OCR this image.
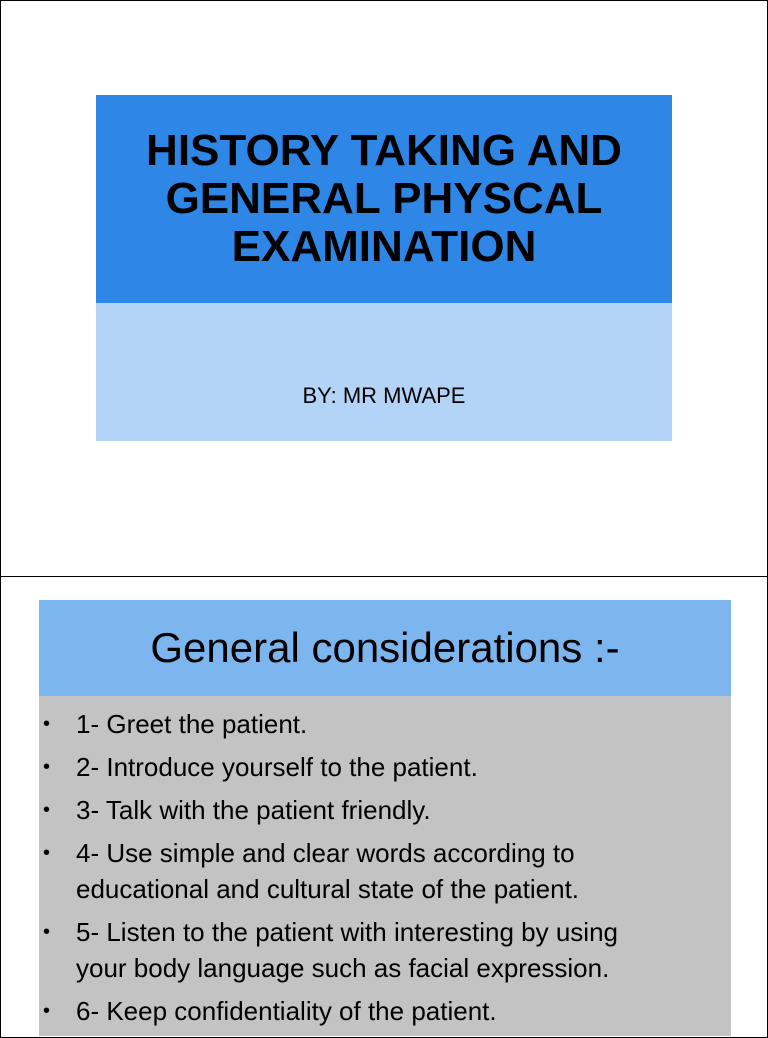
HISTORY TAKING AND
GENERAL PHYSCAL
EXAMINATION
BY: MR MWAPE
General considerations :-
• 1- Greet the patient.
• 2- Introduce yourself to the patient.
• 3- Talk with the patient friendly.
• 4- Use simple and clear words according to
educational and cultural state of the patient.
• 5- Listen to the patient with interesting by using
your body language such as facial expression.
• 6- Keep confidentiality of the patient.
